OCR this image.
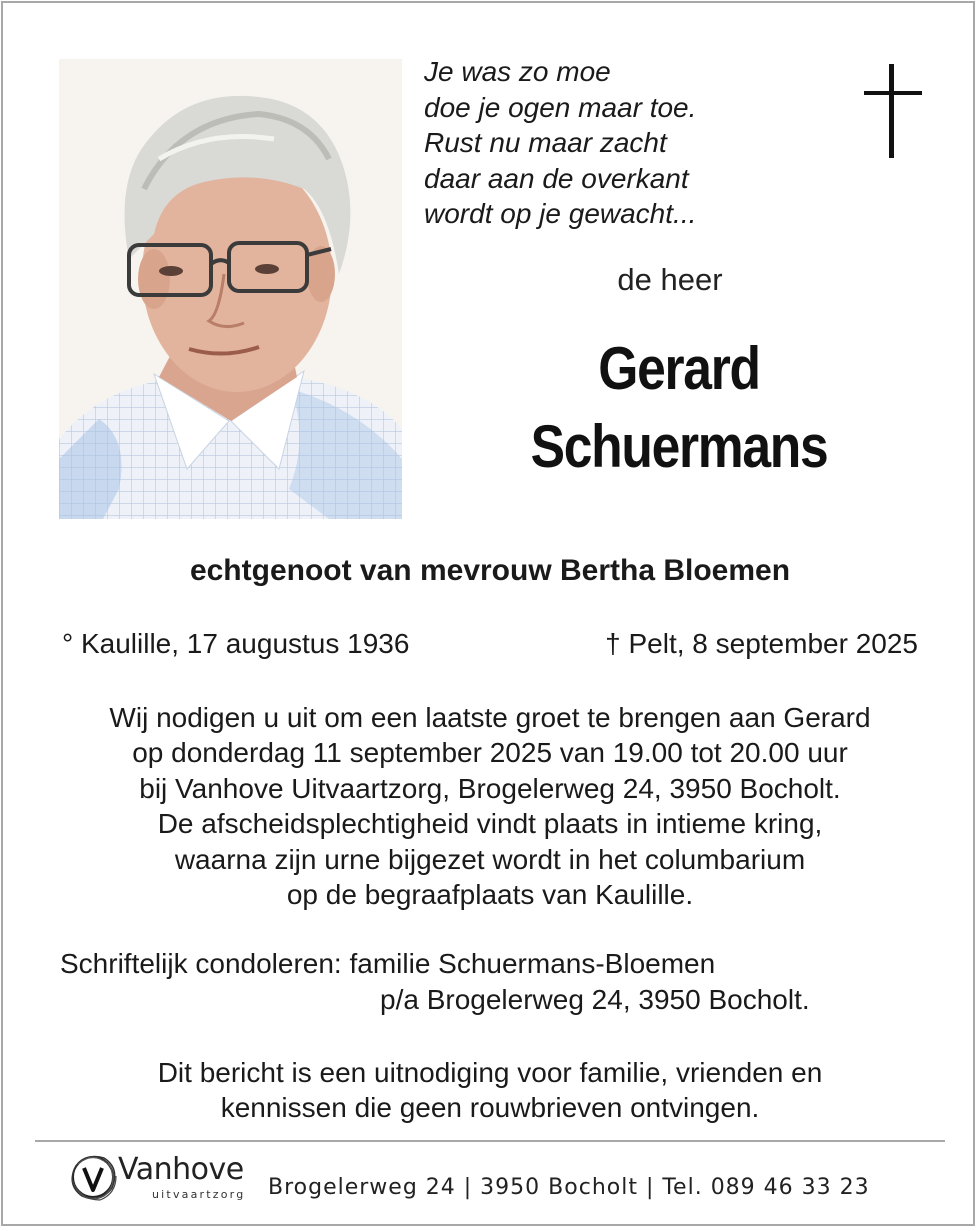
Je was zo moe
doe je ogen maar toe.
Rust nu maar zacht
daar aan de overkant
wordt op je gewacht...
de heer
Gerard
Schuermans
echtgenoot van mevrouw Bertha Bloemen
° Kaulille, 17 augustus 1936	† Pelt, 8 september 2025
Wij nodigen u uit om een laatste groet te brengen aan Gerard
op donderdag 11 september 2025 van 19.00 tot 20.00 uur
bij Vanhove Uitvaartzorg, Brogelerweg 24, 3950 Bocholt.
De afscheidsplechtigheid vindt plaats in intieme kring,
waarna zijn urne bijgezet wordt in het columbarium
op de begraafplaats van Kaulille.
Schriftelijk condoleren: familie Schuermans-Bloemen
p/a Brogelerweg 24, 3950 Bocholt.
Dit bericht is een uitnodiging voor familie, vrienden en
kennissen die geen rouwbrieven ontvingen.
Vanhove
uitvaartzorg Brogelerweg 24 | 3950 Bocholt | Tel. 089 46 33 23
